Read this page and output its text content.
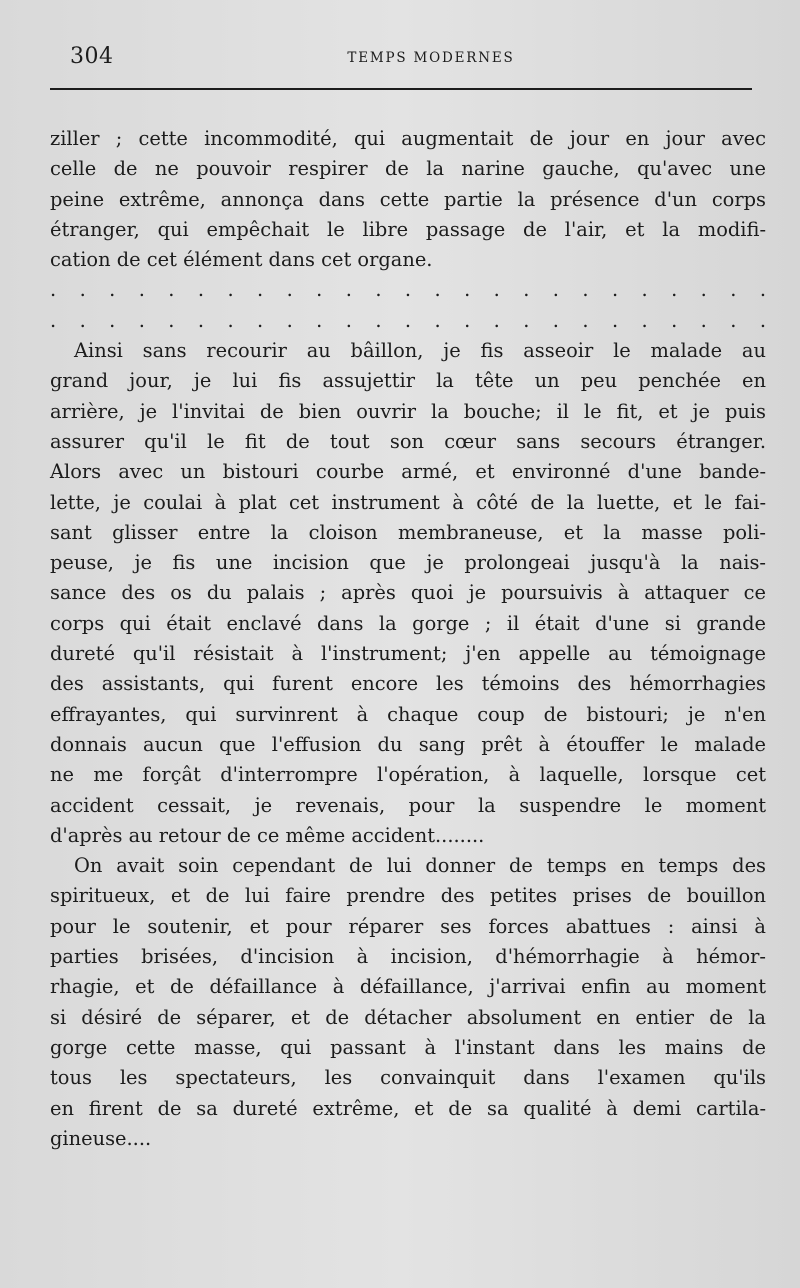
304	TEMPS MODERNES
ziller ; cette incommodité, qui augmentait de jour en jour avec
celle de ne pouvoir respirer de la narine gauche, qu'avec une
peine extrême, annonça dans cette partie la présence d'un corps
étranger, qui empêchait le libre passage de l'air, et la modifi-
cation de cet élément dans cet organe.
. . . . . . . . . . . . . . . . . . . . . . . . .
. . . . . . . . . . . . . . . . . . . . . . . . .
Ainsi sans recourir au bâillon, je fis asseoir le malade au
grand jour, je lui fis assujettir la tête un peu penchée en
arrière, je l'invitai de bien ouvrir la bouche; il le fit, et je puis
assurer qu'il le fit de tout son cœur sans secours étranger.
Alors avec un bistouri courbe armé, et environné d'une bande-
lette, je coulai à plat cet instrument à côté de la luette, et le fai-
sant glisser entre la cloison membraneuse, et la masse poli-
peuse, je fis une incision que je prolongeai jusqu'à la nais-
sance des os du palais ; après quoi je poursuivis à attaquer ce
corps qui était enclavé dans la gorge ; il était d'une si grande
dureté qu'il résistait à l'instrument; j'en appelle au témoignage
des assistants, qui furent encore les témoins des hémorrhagies
effrayantes, qui survinrent à chaque coup de bistouri; je n'en
donnais aucun que l'effusion du sang prêt à étouffer le malade
ne me forçât d'interrompre l'opération, à laquelle, lorsque cet
accident cessait, je revenais, pour la suspendre le moment
d'après au retour de ce même accident........
On avait soin cependant de lui donner de temps en temps des
spiritueux, et de lui faire prendre des petites prises de bouillon
pour le soutenir, et pour réparer ses forces abattues : ainsi à
parties brisées, d'incision à incision, d'hémorrhagie à hémor-
rhagie, et de défaillance à défaillance, j'arrivai enfin au moment
si désiré de séparer, et de détacher absolument en entier de la
gorge cette masse, qui passant à l'instant dans les mains de
tous les spectateurs, les convainquit dans l'examen qu'ils
en firent de sa dureté extrême, et de sa qualité à demi cartila-
gineuse....
